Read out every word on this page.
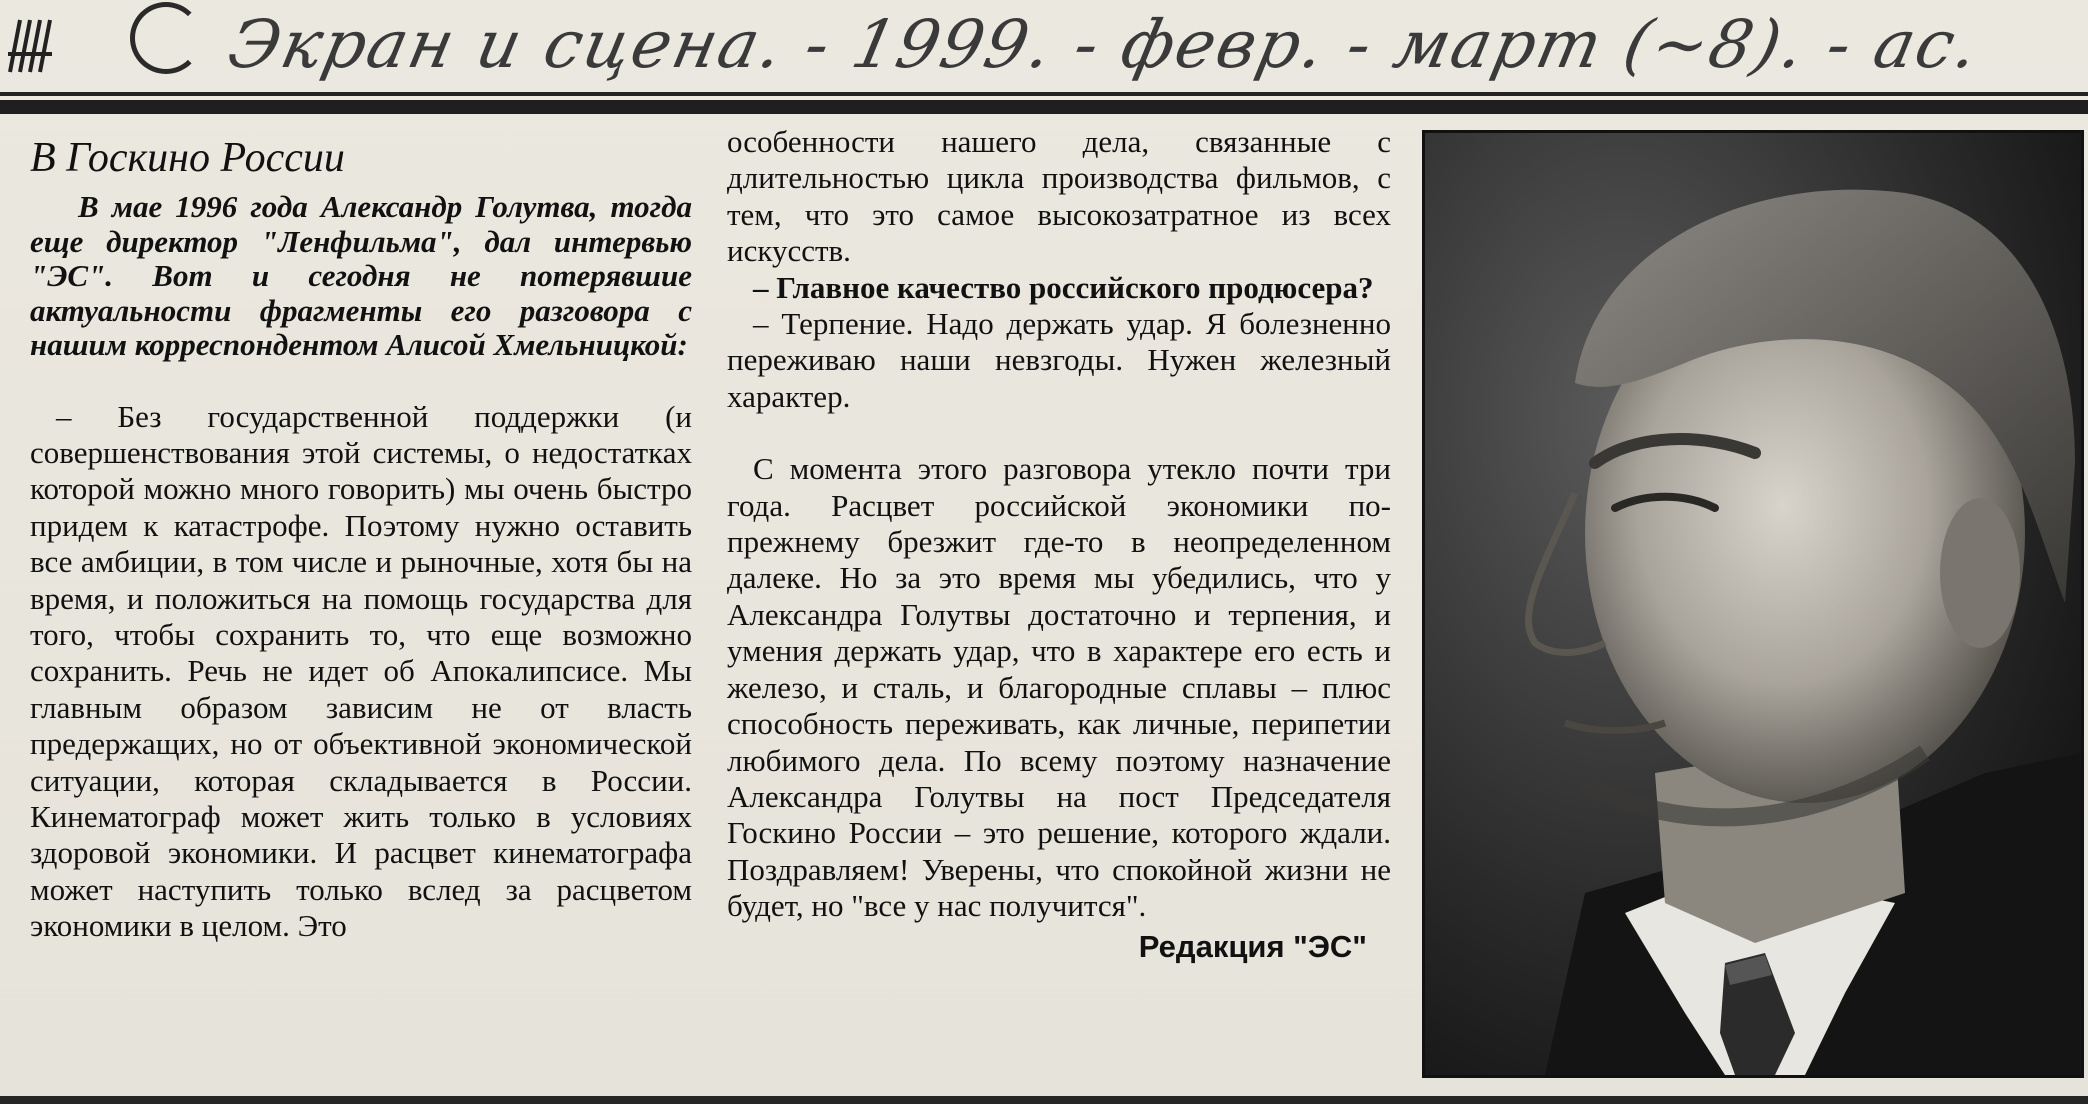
Экран и сцена. - 1999. - февр. - март (~8). - ас.
В Госкино России

В мае 1996 года Александр Голутва, тогда еще директор "Ленфильма", дал интервью "ЭС". Вот и сегодня не потерявшие актуальности фрагменты его разговора с нашим корреспондентом Алисой Хмельницкой:

– Без государственной поддержки (и совершенствования этой системы, о недостатках которой можно много говорить) мы очень быстро придем к катастрофе. Поэтому нужно оставить все амбиции, в том числе и рыночные, хотя бы на время, и положиться на помощь государства для того, чтобы сохранить то, что еще возможно сохранить. Речь не идет об Апокалипсисе. Мы главным образом зависим не от власть предержащих, но от объективной экономической ситуации, которая складывается в России. Кинематограф может жить только в условиях здоровой экономики. И расцвет кинематографа может наступить только вслед за расцветом экономики в целом. Это

особенности нашего дела, связанные с длительностью цикла производства фильмов, с тем, что это самое высокозатратное из всех искусств.

– Главное качество российского продюсера?

– Терпение. Надо держать удар. Я болезненно переживаю наши невзгоды. Нужен железный характер.

С момента этого разговора утекло почти три года. Расцвет российской экономики по-прежнему брезжит где-то в неопределенном далеке. Но за это время мы убедились, что у Александра Голутвы достаточно и терпения, и умения держать удар, что в характере его есть и железо, и сталь, и благородные сплавы – плюс способность переживать, как личные, перипетии любимого дела. По всему поэтому назначение Александра Голутвы на пост Председателя Госкино России – это решение, которого ждали. Поздравляем! Уверены, что спокойной жизни не будет, но "все у нас получится".

Редакция "ЭС"
